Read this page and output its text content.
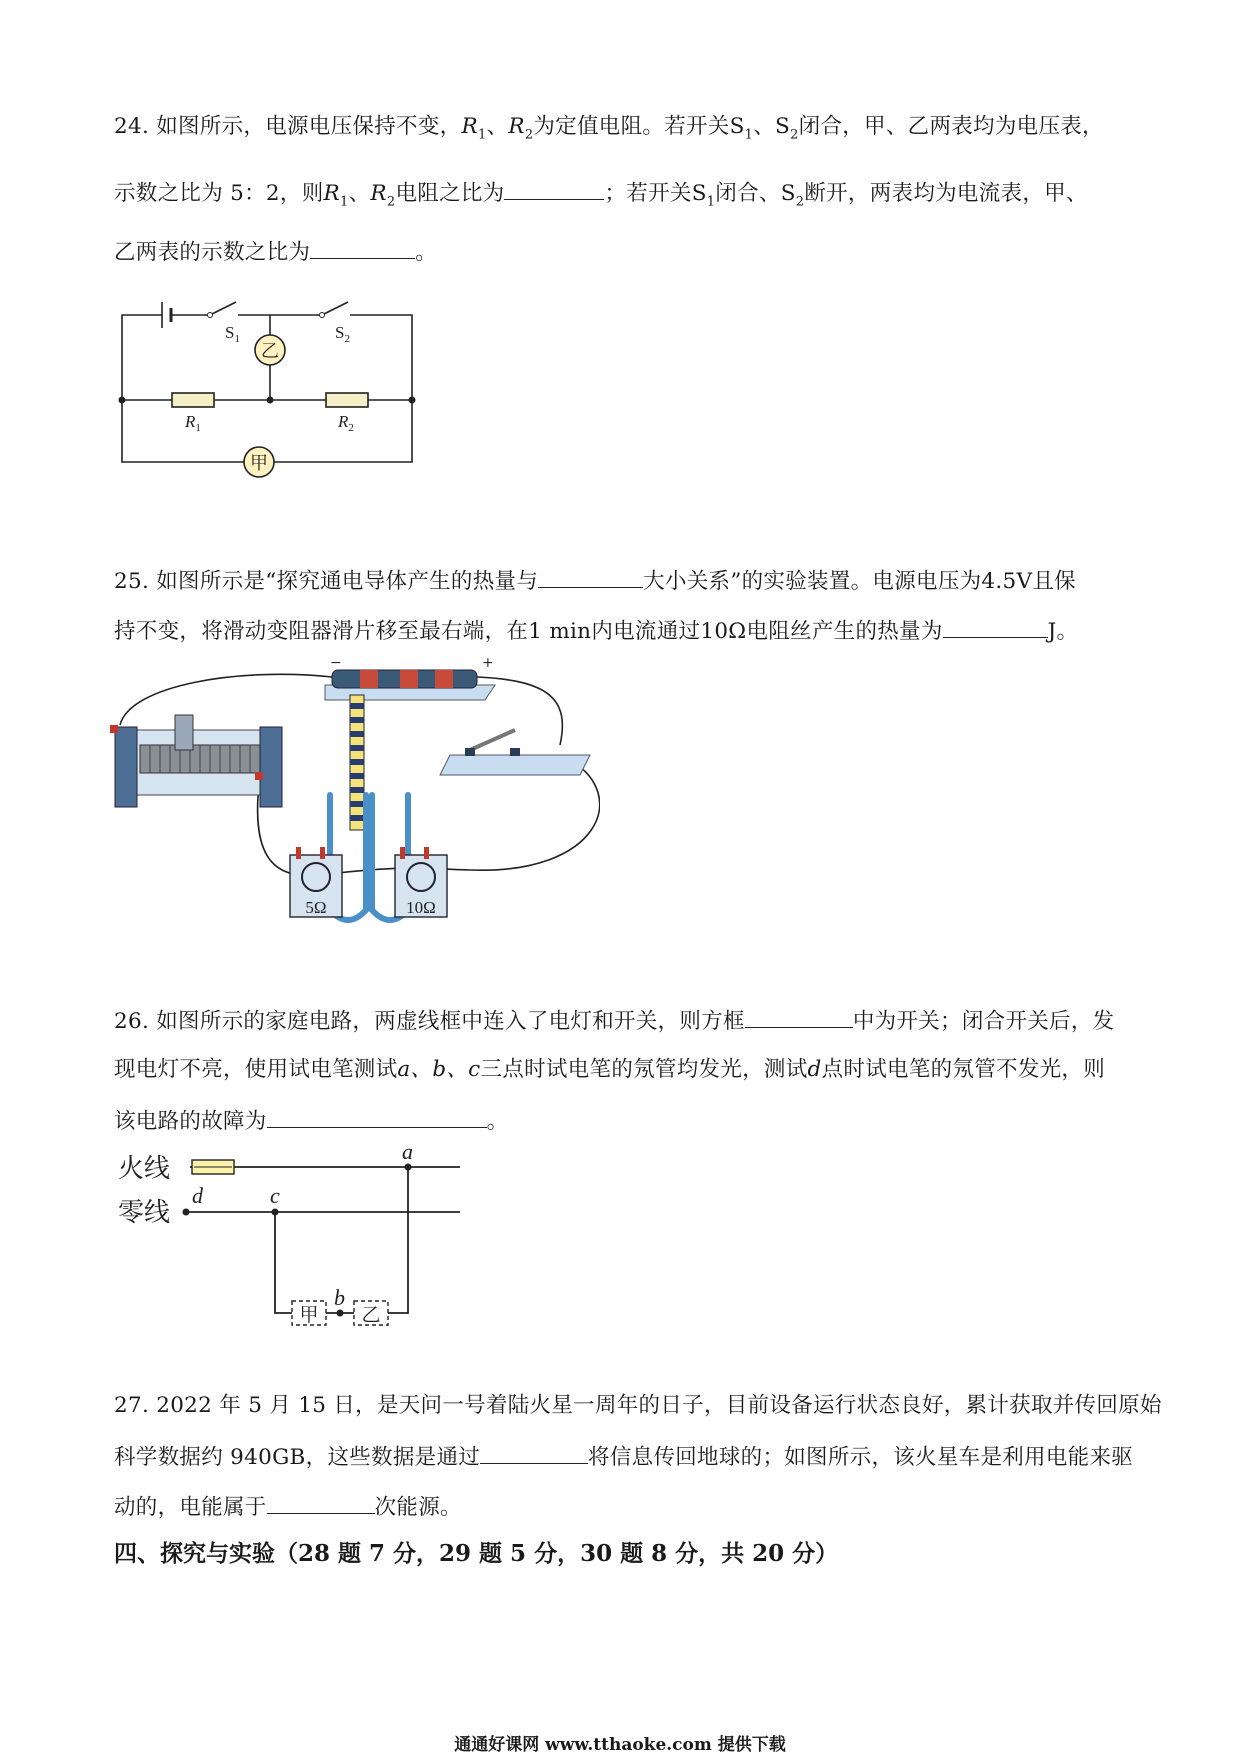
24. 如图所示，电源电压保持不变，$R_1$、$R_2$为定值电阻。若开关$S_1$、$S_2$闭合，甲、乙两表均为电压表，
示数之比为 5：2，则$R_1$、$R_2$电阻之比为	；若开关$S_1$闭合、$S_2$断开，两表均为电流表，甲、
乙两表的示数之比为	。
乙
甲
$S_1$	$S_2$
$R_1$	$R_2$
25. 如图所示是“探究通电导体产生的热量与	大小关系”的实验装置。电源电压为4.5V且保
持不变，将滑动变阻器滑片移至最右端，在1 min内电流通过10Ω电阻丝产生的热量为	J。
−	+
5Ω	10Ω
26. 如图所示的家庭电路，两虚线框中连入了电灯和开关，则方框	中为开关；闭合开关后，发
现电灯不亮，使用试电笔测试a、b、c三点时试电笔的氖管均发光，测试d点时试电笔的氖管不发光，则
该电路的故障为	。
火线
零线
甲 乙
a
d	c
b
27. 2022 年 5 月 15 日，是天问一号着陆火星一周年的日子，目前设备运行状态良好，累计获取并传回原始
科学数据约 940GB，这些数据是通过	将信息传回地球的；如图所示，该火星车是利用电能来驱
动的，电能属于	次能源。
四、探究与实验（28 题 7 分，29 题 5 分，30 题 8 分，共 20 分）
通通好课网 www.tthaoke.com 提供下载
